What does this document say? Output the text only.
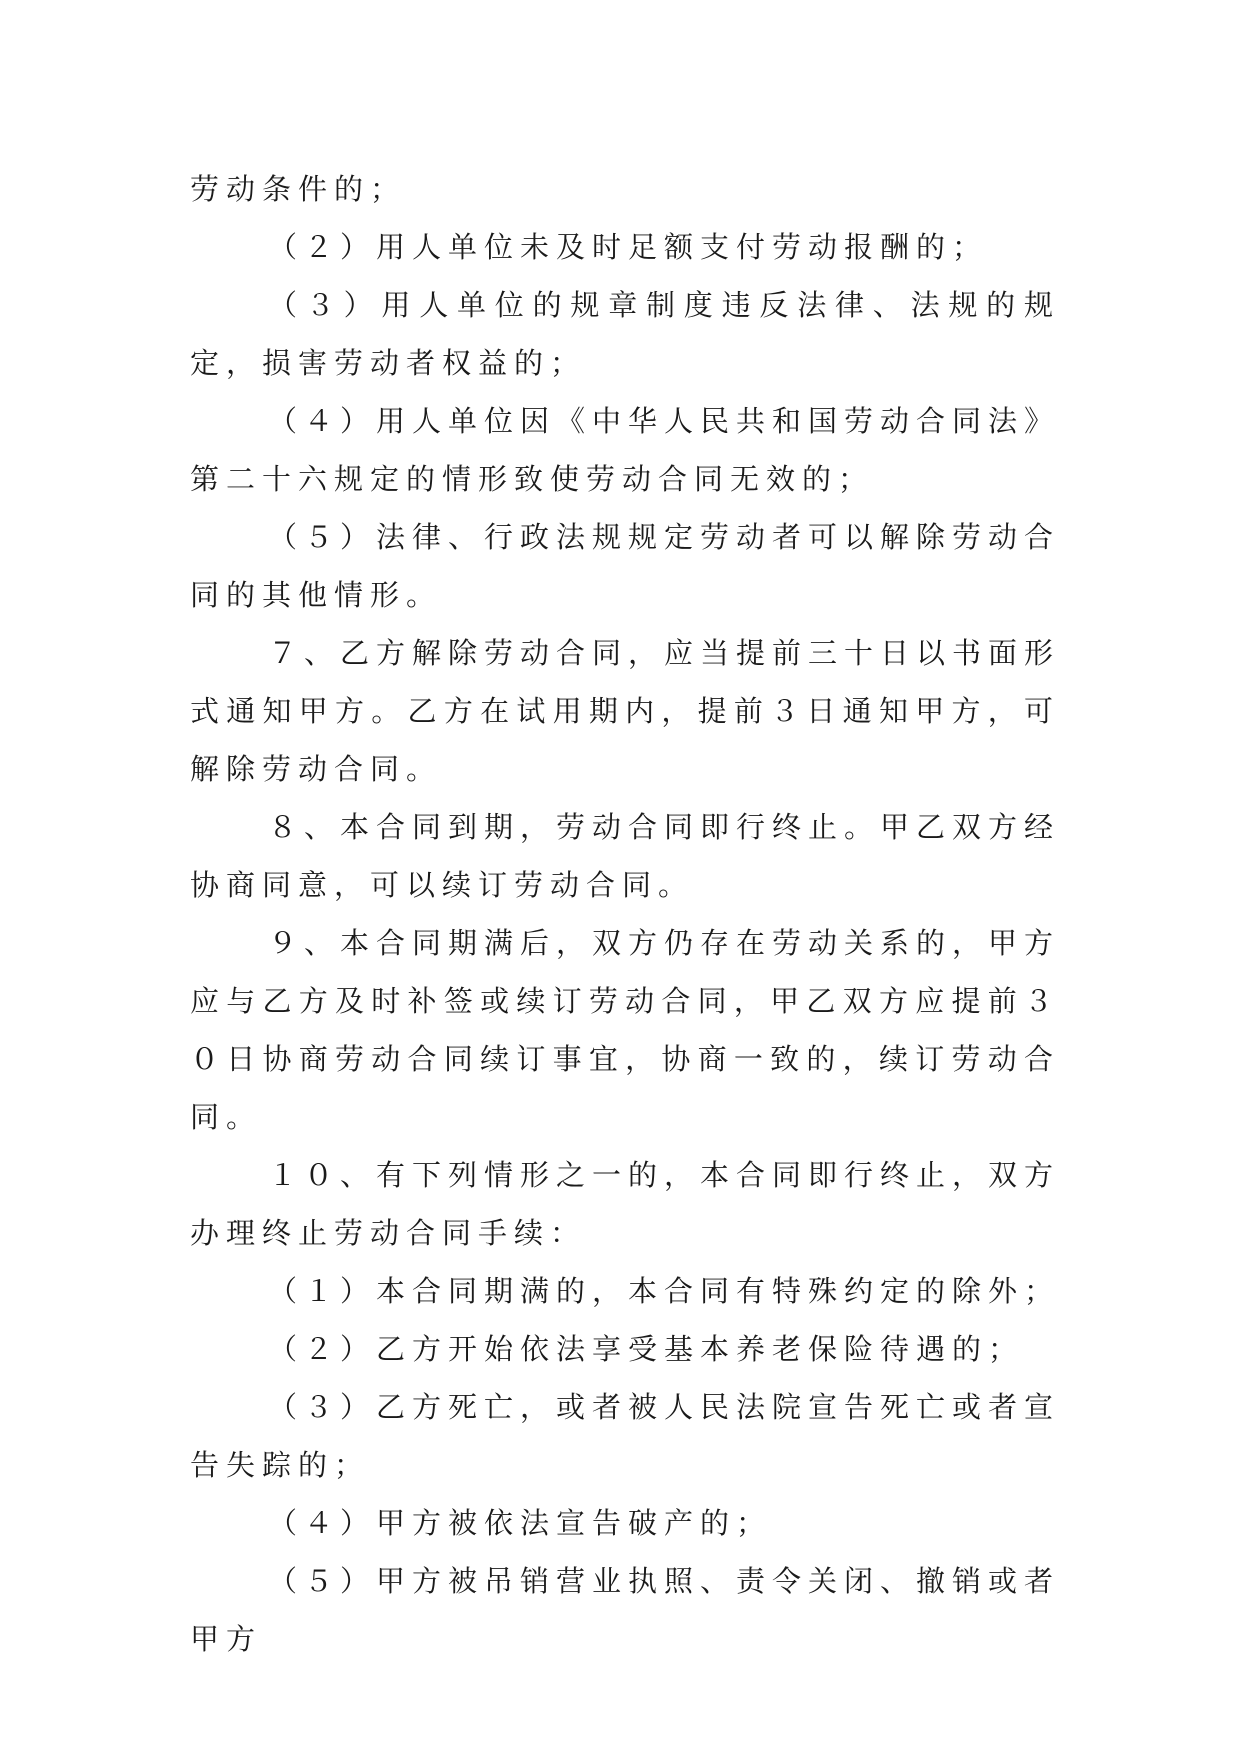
劳动条件的；

（２）用人单位未及时足额支付劳动报酬的；

（３）用人单位的规章制度违反法律、法规的规定，损害劳动者权益的；

（４）用人单位因《中华人民共和国劳动合同法》第二十六规定的情形致使劳动合同无效的；

（５）法律、行政法规规定劳动者可以解除劳动合同的其他情形。

７、乙方解除劳动合同，应当提前三十日以书面形式通知甲方。乙方在试用期内，提前３日通知甲方，可解除劳动合同。

８、本合同到期，劳动合同即行终止。甲乙双方经协商同意，可以续订劳动合同。

９、本合同期满后，双方仍存在劳动关系的，甲方应与乙方及时补签或续订劳动合同，甲乙双方应提前３０日协商劳动合同续订事宜，协商一致的，续订劳动合同。

１０、有下列情形之一的，本合同即行终止，双方办理终止劳动合同手续：

（１）本合同期满的，本合同有特殊约定的除外；

（２）乙方开始依法享受基本养老保险待遇的；

（３）乙方死亡，或者被人民法院宣告死亡或者宣告失踪的；

（４）甲方被依法宣告破产的；

（５）甲方被吊销营业执照、责令关闭、撤销或者甲方
